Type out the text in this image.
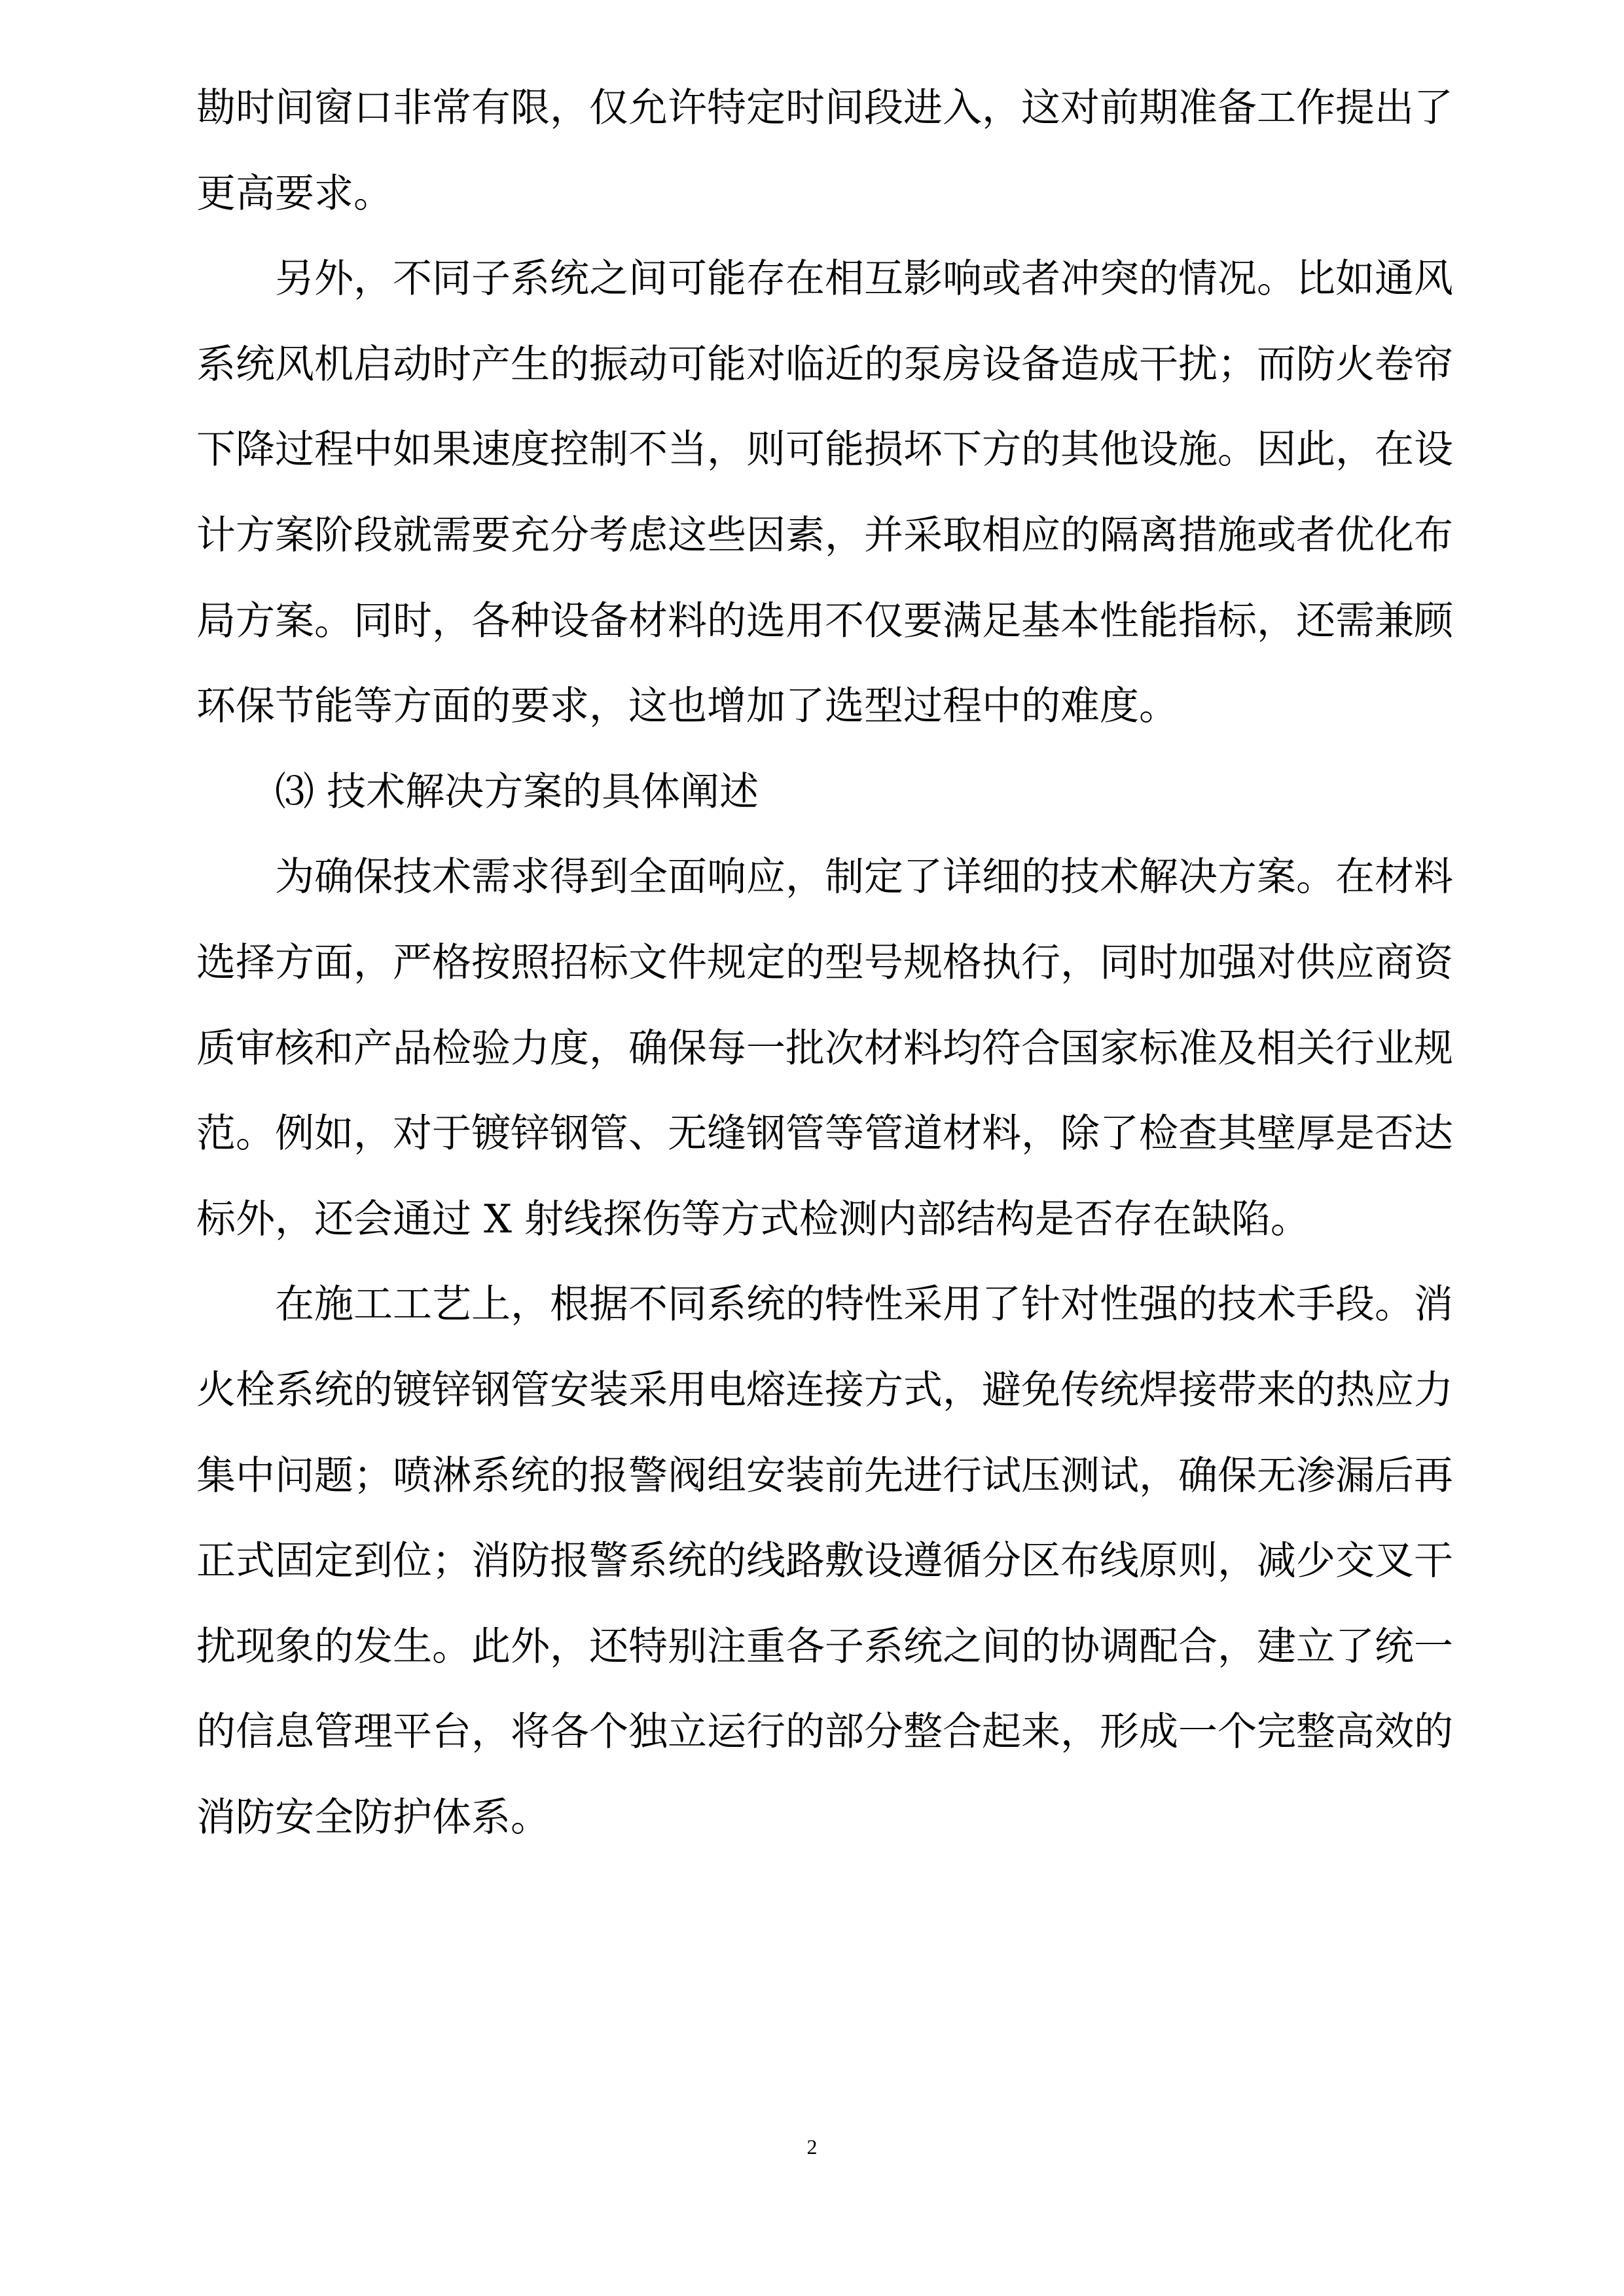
勘时间窗口非常有限，仅允许特定时间段进入，这对前期准备工作提出了
更高要求。
另外，不同子系统之间可能存在相互影响或者冲突的情况。比如通风
系统风机启动时产生的振动可能对临近的泵房设备造成干扰；而防火卷帘
下降过程中如果速度控制不当，则可能损坏下方的其他设施。因此，在设
计方案阶段就需要充分考虑这些因素，并采取相应的隔离措施或者优化布
局方案。同时，各种设备材料的选用不仅要满足基本性能指标，还需兼顾
环保节能等方面的要求，这也增加了选型过程中的难度。
⑶ 技术解决方案的具体阐述
为确保技术需求得到全面响应，制定了详细的技术解决方案。在材料
选择方面，严格按照招标文件规定的型号规格执行，同时加强对供应商资
质审核和产品检验力度，确保每一批次材料均符合国家标准及相关行业规
范。例如，对于镀锌钢管、无缝钢管等管道材料，除了检查其壁厚是否达
标外，还会通过 X 射线探伤等方式检测内部结构是否存在缺陷。
在施工工艺上，根据不同系统的特性采用了针对性强的技术手段。消
火栓系统的镀锌钢管安装采用电熔连接方式，避免传统焊接带来的热应力
集中问题；喷淋系统的报警阀组安装前先进行试压测试，确保无渗漏后再
正式固定到位；消防报警系统的线路敷设遵循分区布线原则，减少交叉干
扰现象的发生。此外，还特别注重各子系统之间的协调配合，建立了统一
的信息管理平台，将各个独立运行的部分整合起来，形成一个完整高效的
消防安全防护体系。
2
